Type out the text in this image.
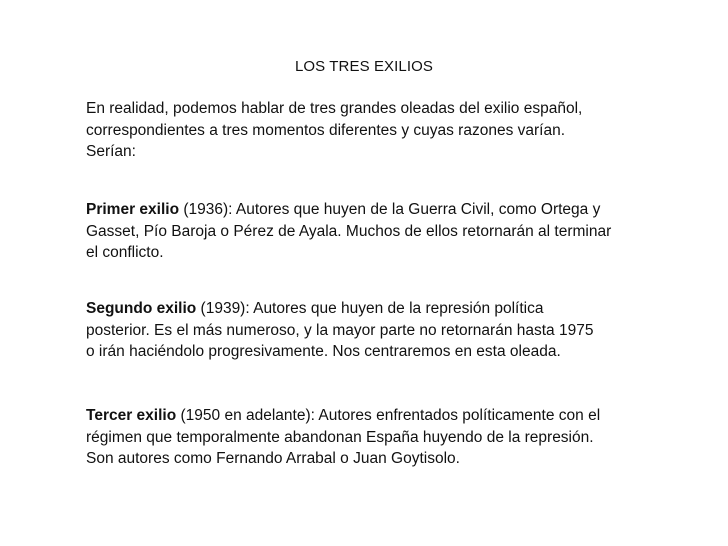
LOS TRES EXILIOS

En realidad, podemos hablar de tres grandes oleadas del exilio español,
correspondientes a tres momentos diferentes y cuyas razones varían.
Serían:

Primer exilio (1936): Autores que huyen de la Guerra Civil, como Ortega y
Gasset, Pío Baroja o Pérez de Ayala. Muchos de ellos retornarán al terminar
el conflicto.

Segundo exilio (1939): Autores que huyen de la represión política
posterior. Es el más numeroso, y la mayor parte no retornarán hasta 1975
o irán haciéndolo progresivamente. Nos centraremos en esta oleada.

Tercer exilio (1950 en adelante): Autores enfrentados políticamente con el
régimen que temporalmente abandonan España huyendo de la represión.
Son autores como Fernando Arrabal o Juan Goytisolo.
